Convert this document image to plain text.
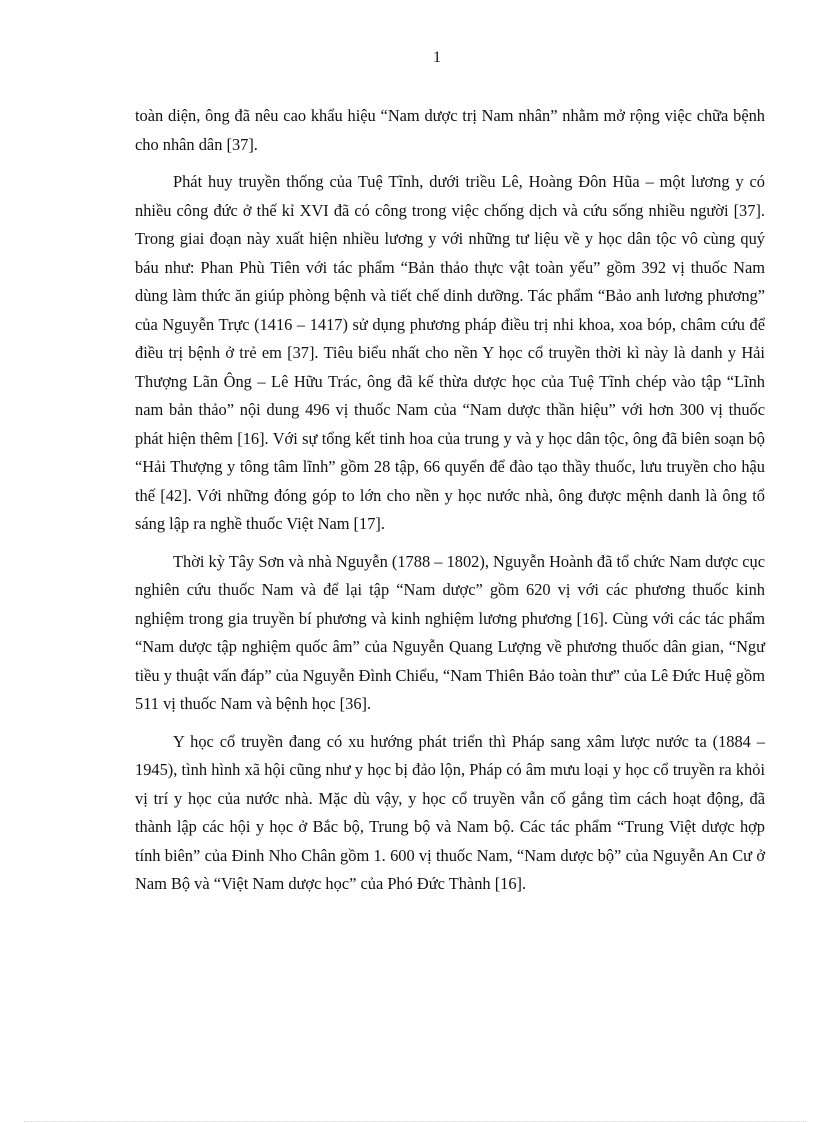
1

toàn diện, ông đã nêu cao khẩu hiệu “Nam dược trị Nam nhân” nhằm mở rộng việc chữa bệnh cho nhân dân [37].

Phát huy truyền thống của Tuệ Tĩnh, dưới triều Lê, Hoàng Đôn Hũa – một lương y có nhiều công đức ở thế kỉ XVI đã có công trong việc chống dịch và cứu sống nhiều người [37]. Trong giai đoạn này xuất hiện nhiều lương y với những tư liệu về y học dân tộc vô cùng quý báu như: Phan Phù Tiên với tác phẩm “Bản thảo thực vật toàn yếu” gồm 392 vị thuốc Nam dùng làm thức ăn giúp phòng bệnh và tiết chế dinh dưỡng. Tác phẩm “Bảo anh lương phương” của Nguyễn Trực (1416 – 1417) sử dụng phương pháp điều trị nhi khoa, xoa bóp, châm cứu để điều trị bệnh ở trẻ em [37]. Tiêu biểu nhất cho nền Y học cổ truyền thời kì này là danh y Hải Thượng Lãn Ông – Lê Hữu Trác, ông đã kế thừa dược học của Tuệ Tĩnh chép vào tập “Lĩnh nam bản thảo” nội dung 496 vị thuốc Nam của “Nam dược thần hiệu” với hơn 300 vị thuốc phát hiện thêm [16]. Với sự tổng kết tinh hoa của trung y và y học dân tộc, ông đã biên soạn bộ “Hải Thượng y tông tâm lĩnh” gồm 28 tập, 66 quyển để đào tạo thầy thuốc, lưu truyền cho hậu thế [42]. Với những đóng góp to lớn cho nền y học nước nhà, ông được mệnh danh là ông tổ sáng lập ra nghề thuốc Việt Nam [17].

Thời kỳ Tây Sơn và nhà Nguyễn (1788 – 1802), Nguyễn Hoành đã tổ chức Nam dược cục nghiên cứu thuốc Nam và để lại tập “Nam dược” gồm 620 vị với các phương thuốc kinh nghiệm trong gia truyền bí phương và kinh nghiệm lương phương [16]. Cùng với các tác phẩm “Nam dược tập nghiệm quốc âm” của Nguyễn Quang Lượng về phương thuốc dân gian, “Ngư tiều y thuật vấn đáp” của Nguyễn Đình Chiểu, “Nam Thiên Bảo toàn thư” của Lê Đức Huệ gồm 511 vị thuốc Nam và bệnh học [36].

Y học cổ truyền đang có xu hướng phát triển thì Pháp sang xâm lược nước ta (1884 – 1945), tình hình xã hội cũng như y học bị đảo lộn, Pháp có âm mưu loại y học cổ truyền ra khỏi vị trí y học của nước nhà. Mặc dù vậy, y học cổ truyền vẫn cố gắng tìm cách hoạt động, đã thành lập các hội y học ở Bắc bộ, Trung bộ và Nam bộ. Các tác phẩm “Trung Việt dược hợp tính biên” của Đinh Nho Chân gồm 1. 600 vị thuốc Nam, “Nam dược bộ” của Nguyễn An Cư ở Nam Bộ và “Việt Nam dược học” của Phó Đức Thành [16].
